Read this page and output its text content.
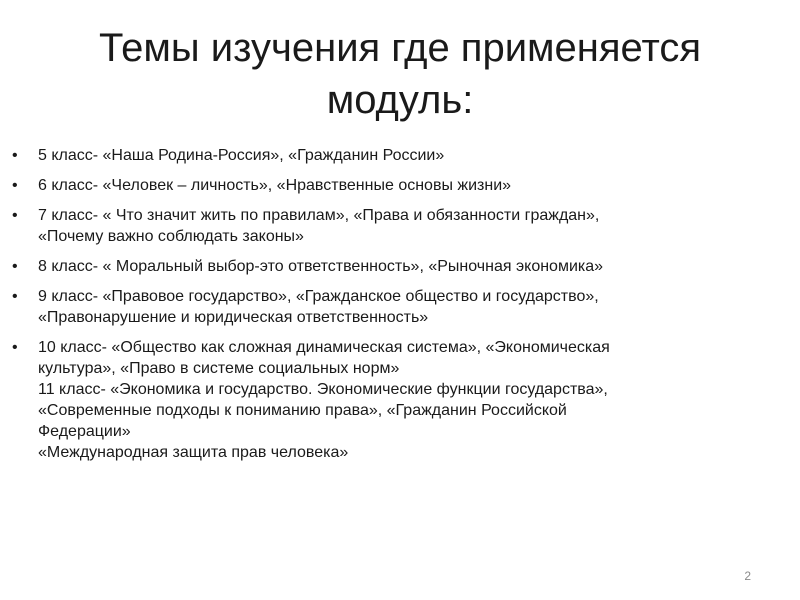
Темы изучения где применяется
модуль:
•	5 класс- «Наша Родина-Россия», «Гражданин России»
•	6 класс- «Человек – личность», «Нравственные основы жизни»
•	7 класс- « Что значит жить по правилам», «Права и обязанности граждан»,
«Почему важно соблюдать законы»
•	8 класс- « Моральный выбор-это ответственность», «Рыночная экономика»
•	9 класс- «Правовое государство», «Гражданское общество и государство»,
«Правонарушение и юридическая ответственность»
•	10 класс- «Общество как сложная динамическая система», «Экономическая
культура», «Право в системе социальных норм»
11 класс- «Экономика и государство. Экономические функции государства»,
«Современные подходы к пониманию права», «Гражданин Российской
Федерации»
«Международная защита прав человека»
2
